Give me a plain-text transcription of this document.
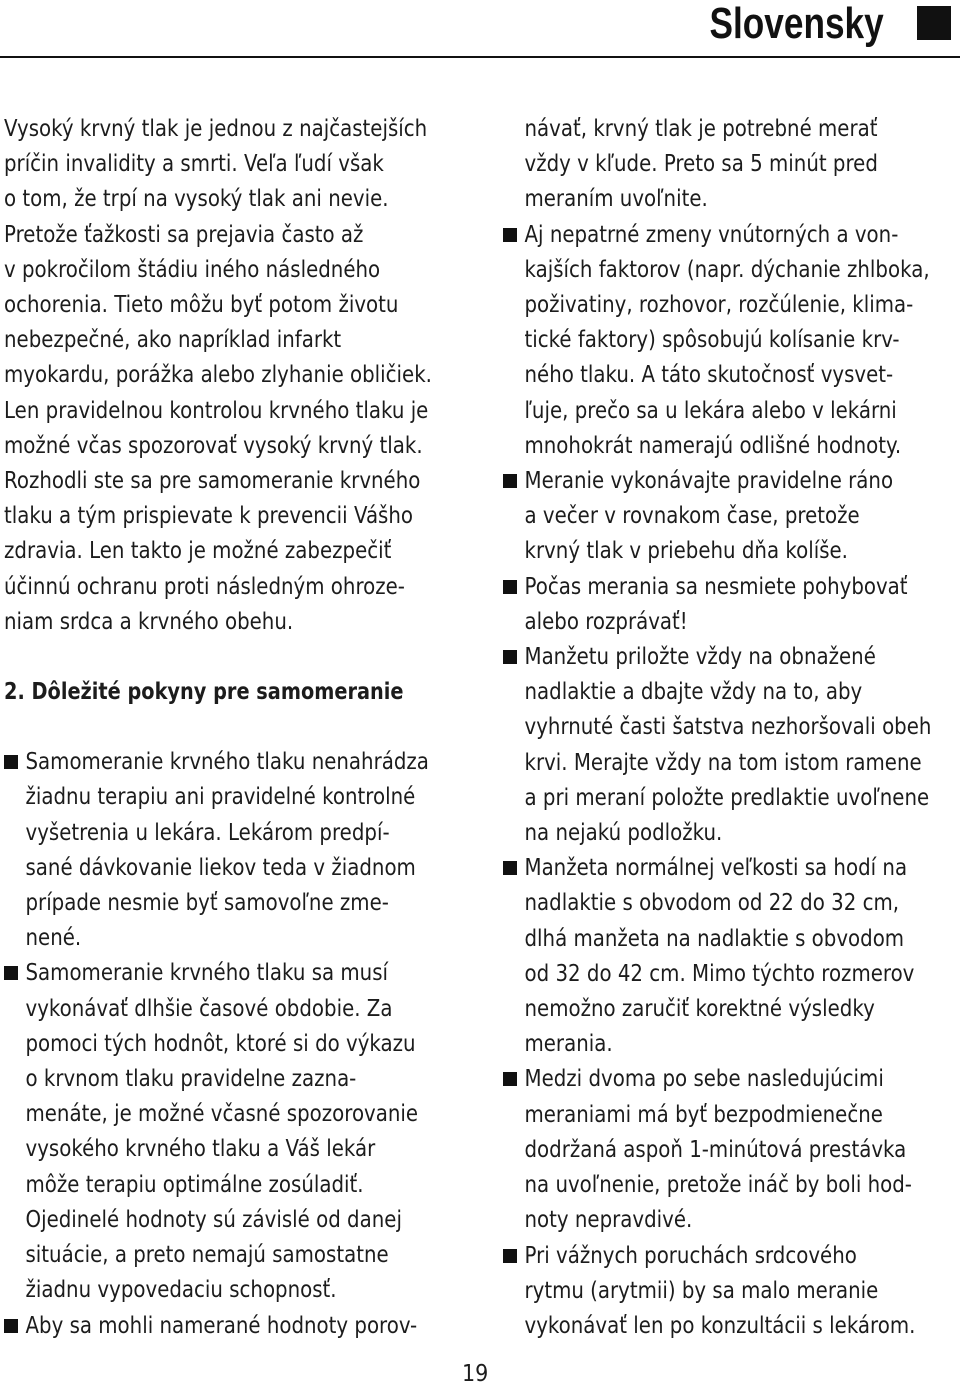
Slovensky
Vysoký krvný tlak je jednou z najčastejších
príčin invalidity a smrti. Veľa ľudí však
o tom, že trpí na vysoký tlak ani nevie.
Pretože ťažkosti sa prejavia často až
v pokročilom štádiu iného následného
ochorenia. Tieto môžu byť potom životu
nebezpečné, ako napríklad infarkt
myokardu, porážka alebo zlyhanie obličiek.
Len pravidelnou kontrolou krvného tlaku je
možné včas spozorovať vysoký krvný tlak.
Rozhodli ste sa pre samomeranie krvného
tlaku a tým prispievate k prevencii Vášho
zdravia. Len takto je možné zabezpečiť
účinnú ochranu proti následným ohroze-
niam srdca a krvného obehu.
2. Dôležité pokyny pre samomeranie
Samomeranie krvného tlaku nenahrádza
žiadnu terapiu ani pravidelné kontrolné
vyšetrenia u lekára. Lekárom predpí-
sané dávkovanie liekov teda v žiadnom
prípade nesmie byť samovoľne zme-
nené.
Samomeranie krvného tlaku sa musí
vykonávať dlhšie časové obdobie. Za
pomoci tých hodnôt, ktoré si do výkazu
o krvnom tlaku pravidelne zazna-
menáte, je možné včasné spozorovanie
vysokého krvného tlaku a Váš lekár
môže terapiu optimálne zosúladiť.
Ojedinelé hodnoty sú závislé od danej
situácie, a preto nemajú samostatne
žiadnu vypovedaciu schopnosť.
Aby sa mohli namerané hodnoty porov-
návať, krvný tlak je potrebné merať
vždy v kľude. Preto sa 5 minút pred
meraním uvoľnite.
Aj nepatrné zmeny vnútorných a von-
kajších faktorov (napr. dýchanie zhlboka,
poživatiny, rozhovor, rozčúlenie, klima-
tické faktory) spôsobujú kolísanie krv-
ného tlaku. A táto skutočnosť vysvet-
ľuje, prečo sa u lekára alebo v lekárni
mnohokrát namerajú odlišné hodnoty.
Meranie vykonávajte pravidelne ráno
a večer v rovnakom čase, pretože
krvný tlak v priebehu dňa kolíše.
Počas merania sa nesmiete pohybovať
alebo rozprávať!
Manžetu priložte vždy na obnažené
nadlaktie a dbajte vždy na to, aby
vyhrnuté časti šatstva nezhoršovali obeh
krvi. Merajte vždy na tom istom ramene
a pri meraní položte predlaktie uvoľnene
na nejakú podložku.
Manžeta normálnej veľkosti sa hodí na
nadlaktie s obvodom od 22 do 32 cm,
dlhá manžeta na nadlaktie s obvodom
od 32 do 42 cm. Mimo týchto rozmerov
nemožno zaručiť korektné výsledky
merania.
Medzi dvoma po sebe nasledujúcimi
meraniami má byť bezpodmienečne
dodržaná aspoň 1-minútová prestávka
na uvoľnenie, pretože ináč by boli hod-
noty nepravdivé.
Pri vážnych poruchách srdcového
rytmu (arytmii) by sa malo meranie
vykonávať len po konzultácii s lekárom.
19
